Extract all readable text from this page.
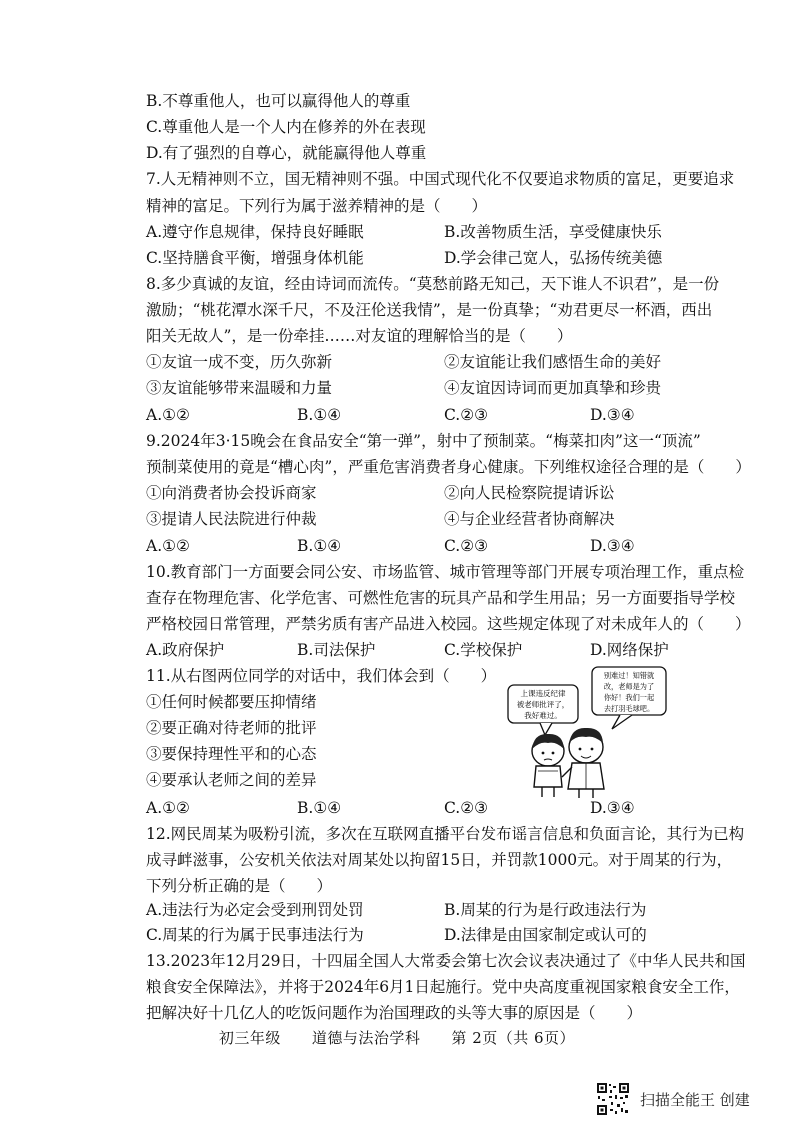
B.不尊重他人，也可以赢得他人的尊重
C.尊重他人是一个人内在修养的外在表现
D.有了强烈的自尊心，就能赢得他人尊重
7.人无精神则不立，国无精神则不强。中国式现代化不仅要追求物质的富足，更要追求
精神的富足。下列行为属于滋养精神的是（　　）
A.遵守作息规律，保持良好睡眠	B.改善物质生活，享受健康快乐
C.坚持膳食平衡，增强身体机能	D.学会律己宽人，弘扬传统美德
8.多少真诚的友谊，经由诗词而流传。“莫愁前路无知己，天下谁人不识君”，是一份
激励；“桃花潭水深千尺，不及汪伦送我情”，是一份真挚；“劝君更尽一杯酒，西出
阳关无故人”，是一份牵挂……对友谊的理解恰当的是（　　）
①友谊一成不变，历久弥新	②友谊能让我们感悟生命的美好
③友谊能够带来温暖和力量	④友谊因诗词而更加真挚和珍贵
A.①②	B.①④	C.②③	D.③④
9.2024年3·15晚会在食品安全“第一弹”，射中了预制菜。“梅菜扣肉”这一“顶流”
预制菜使用的竟是“槽心肉”，严重危害消费者身心健康。下列维权途径合理的是（　　）
①向消费者协会投诉商家	②向人民检察院提请诉讼
③提请人民法院进行仲裁	④与企业经营者协商解决
A.①②	B.①④	C.②③	D.③④
10.教育部门一方面要会同公安、市场监管、城市管理等部门开展专项治理工作，重点检
查存在物理危害、化学危害、可燃性危害的玩具产品和学生用品；另一方面要指导学校
严格校园日常管理，严禁劣质有害产品进入校园。这些规定体现了对未成年人的（　　）
A.政府保护	B.司法保护	C.学校保护	D.网络保护
11.从右图两位同学的对话中，我们体会到（　　）
①任何时候都要压抑情绪
②要正确对待老师的批评
③要保持理性平和的心态
④要承认老师之间的差异
A.①②	B.①④	C.②③	D.③④
上课违反纪律
被老师批评了，
我好难过。
别难过！知错就
改，老师是为了
你好！我们一起
去打羽毛球吧。
12.网民周某为吸粉引流，多次在互联网直播平台发布谣言信息和负面言论，其行为已构
成寻衅滋事，公安机关依法对周某处以拘留15日，并罚款1000元。对于周某的行为，
下列分析正确的是（　　）
A.违法行为必定会受到刑罚处罚	B.周某的行为是行政违法行为
C.周某的行为属于民事违法行为	D.法律是由国家制定或认可的
13.2023年12月29日，十四届全国人大常委会第七次会议表决通过了《中华人民共和国
粮食安全保障法》，并将于2024年6月1日起施行。党中央高度重视国家粮食安全工作，
把解决好十几亿人的吃饭问题作为治国理政的头等大事的原因是（　　）
初三年级　　道德与法治学科　　第 2页（共 6页）
扫描全能王 创建
